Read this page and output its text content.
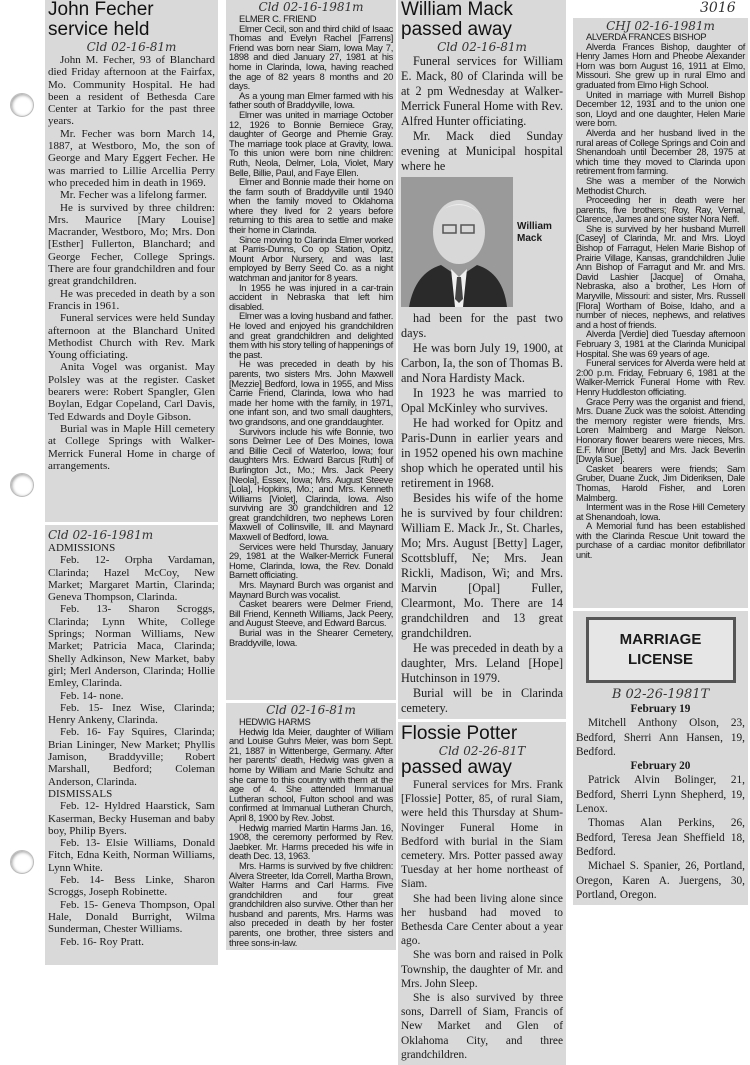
3016
John Fecher
service held
Cld 02-16-81m

John M. Fecher, 93 of Blanchard died Friday afternoon at the Fairfax, Mo. Community Hospital. He had been a resident of Bethesda Care Center at Tarkio for the past three years.

Mr. Fecher was born March 14, 1887, at Westboro, Mo, the son of George and Mary Eggert Fecher. He was married to Lillie Arcellia Perry who preceded him in death in 1969.

Mr. Fecher was a lifelong farmer.

He is survived by three children: Mrs. Maurice [Mary Louise] Macrander, Westboro, Mo; Mrs. Don [Esther] Fullerton, Blanchard; and George Fecher, College Springs. There are four grandchildren and four great grandchildren.

He was preceded in death by a son Francis in 1961.

Funeral services were held Sunday afternoon at the Blanchard United Methodist Church with Rev. Mark Young officiating.

Anita Vogel was organist. May Polsley was at the register. Casket bearers were: Robert Spangler, Glen Boylan, Edgar Copeland, Carl Davis, Ted Edwards and Doyle Gibson.

Burial was in Maple Hill cemetery at College Springs with Walker-Merrick Funeral Home in charge of arrangements.

Cld 02-16-1981m

ADMISSIONS

Feb. 12- Orpha Vardaman, Clarinda; Hazel McCoy, New Market; Margaret Martin, Clarinda; Geneva Thompson, Clarinda.

Feb. 13- Sharon Scroggs, Clarinda; Lynn White, College Springs; Norman Williams, New Market; Patricia Maca, Clarinda; Shelly Adkinson, New Market, baby girl; Merl Anderson, Clarinda; Hollie Emley, Clarinda.

Feb. 14- none.

Feb. 15- Inez Wise, Clarinda; Henry Ankeny, Clarinda.

Feb. 16- Fay Squires, Clarinda; Brian Lininger, New Market; Phyllis Jamison, Braddyville; Robert Marshall, Bedford; Coleman Anderson, Clarinda.

DISMISSALS

Feb. 12- Hyldred Haarstick, Sam Kaserman, Becky Huseman and baby boy, Philip Byers.

Feb. 13- Elsie Williams, Donald Fitch, Edna Keith, Norman Williams, Lynn White.

Feb. 14- Bess Linke, Sharon Scroggs, Joseph Robinette.

Feb. 15- Geneva Thompson, Opal Hale, Donald Burright, Wilma Sunderman, Chester Williams.

Feb. 16- Roy Pratt.

Cld 02-16-1981m

ELMER C. FRIEND

Elmer Cecil, son and third child of Isaac Thomas and Evelyn Rachel [Farrens] Friend was born near Siam, Iowa May 7, 1898 and died January 27, 1981 at his home in Clarinda, Iowa, having reached the age of 82 years 8 months and 20 days.

As a young man Elmer farmed with his father south of Braddyville, Iowa.

Elmer was united in marriage October 12, 1926 to Bonnie Berniece Gray, daughter of George and Phemie Gray. The marriage took place at Gravity, Iowa. To this union were born nine children: Ruth, Neola, Delmer, Lola, Violet, Mary Belle, Billie, Paul, and Faye Ellen.

Elmer and Bonnie made their home on the farm south of Braddyville until 1940 when the family moved to Oklahoma where they lived for 2 years before returning to this area to settle and make their home in Clarinda.

Since moving to Clarinda Elmer worked at Parris-Dunns, Co op Station, Opitz, Mount Arbor Nursery, and was last employed by Berry Seed Co. as a night watchman and janitor for 8 years.

In 1955 he was injured in a car-train accident in Nebraska that left him disabled.

Elmer was a loving husband and father. He loved and enjoyed his grandchildren and great grandchildren and delighted them with his story telling of happenings of the past.

He was preceded in death by his parents, two sisters Mrs. John Maxwell [Mezzie] Bedford, Iowa in 1955, and Miss Carrie Friend, Clarinda, Iowa who had made her home with the family, in 1971, one infant son, and two small daughters, two grandsons, and one granddaughter.

Survivors include his wife Bonnie, two sons Delmer Lee of Des Moines, Iowa and Billie Cecil of Waterloo, Iowa; four daughters Mrs. Edward Barcus [Ruth] of Burlington Jct., Mo.; Mrs. Jack Peery [Neola], Essex, Iowa; Mrs. August Steeve [Lola], Hopkins, Mo.; and Mrs. Kenneth Williams [Violet], Clarinda, Iowa. Also surviving are 30 grandchildren and 12 great grandchildren, two nephews Loren Maxwell of Collinsville, Ill. and Maynard Maxwell of Bedford, Iowa.

Services were held Thursday, January 29, 1981 at the Walker-Merrick Funeral Home, Clarinda, Iowa, the Rev. Donald Barnett officiating.

Mrs. Maynard Burch was organist and Maynard Burch was vocalist.

Casket bearers were Delmer Friend, Bill Friend, Kenneth Williams, Jack Peery, and August Steeve, and Edward Barcus.

Burial was in the Shearer Cemetery, Braddyville, Iowa.

Cld 02-16-81m

HEDWIG HARMS

Hedwig Ida Meier, daughter of William and Louise Guhrs Meier, was born Sept. 21, 1887 in Wittenberge, Germany. After her parents' death, Hedwig was given a home by William and Marie Schultz and she came to this country with them at the age of 4. She attended Immanual Lutheran school, Fulton school and was confirmed at Immanual Lutheran Church, April 8, 1900 by Rev. Jobst.

Hedwig married Martin Harms Jan. 16, 1908, the ceremony performed by Rev. Jaebker. Mr. Harms preceded his wife in death Dec. 13, 1963.

Mrs. Harms is survived by five children: Alvera Streeter, Ida Correll, Martha Brown, Walter Harms and Carl Harms. Five grandchildren and four great grandchildren also survive. Other than her husband and parents, Mrs. Harms was also preceded in death by her foster parents, one brother, three sisters and three sons-in-law.

William Mack
passed away
Cld 02-16-81m

Funeral services for William E. Mack, 80 of Clarinda will be at 2 pm Wednesday at Walker-Merrick Funeral Home with Rev. Alfred Hunter officiating.

Mr. Mack died Sunday evening at Municipal hospital where he

William Mack

had been for the past two days.

He was born July 19, 1900, at Carbon, Ia, the son of Thomas B. and Nora Hardisty Mack.

In 1923 he was married to Opal McKinley who survives.

He had worked for Opitz and Paris-Dunn in earlier years and in 1952 opened his own machine shop which he operated until his retirement in 1968.

Besides his wife of the home he is survived by four children: William E. Mack Jr., St. Charles, Mo; Mrs. August [Betty] Lager, Scottsbluff, Ne; Mrs. Jean Rickli, Madison, Wi; and Mrs. Marvin [Opal] Fuller, Clearmont, Mo. There are 14 grandchildren and 13 great grandchildren.

He was preceded in death by a daughter, Mrs. Leland [Hope] Hutchinson in 1979.

Burial will be in Clarinda cemetery.

Flossie Potter
Cld 02-26-81T
passed away

Funeral services for Mrs. Frank [Flossie] Potter, 85, of rural Siam, were held this Thursday at Shum-Novinger Funeral Home in Bedford with burial in the Siam cemetery. Mrs. Potter passed away Tuesday at her home northeast of Siam.

She had been living alone since her husband had moved to Bethesda Care Center about a year ago.

She was born and raised in Polk Township, the daughter of Mr. and Mrs. John Sleep.

She is also survived by three sons, Darrell of Siam, Francis of New Market and Glen of Oklahoma City, and three grandchildren.

CHJ 02-16-1981m

ALVERDA FRANCES BISHOP

Alverda Frances Bishop, daughter of Henry James Horn and Pheobe Alexander Horn was born August 16, 1911 at Elmo, Missouri. She grew up in rural Elmo and graduated from Elmo High School.

United in marriage with Murrell Bishop December 12, 1931 and to the union one son, Lloyd and one daughter, Helen Marie were born.

Alverda and her husband lived in the rural areas of College Springs and Coin and Shenandoah until December 28, 1975 at which time they moved to Clarinda upon retirement from farming.

She was a member of the Norwich Methodist Church.

Proceeding her in death were her parents, five brothers; Roy, Ray, Vernal, Clarence, James and one sister Nora Neff.

She is survived by her husband Murrell [Casey] of Clarinda, Mr. and Mrs. Lloyd Bishop of Farragut, Helen Marie Bishop of Prairie Village, Kansas, grandchildren Julie Ann Bishop of Farragut and Mr. and Mrs. David Lashier [Jacque] of Omaha, Nebraska, also a brother, Les Horn of Maryville, Missouri: and sister, Mrs. Russell [Flora] Wortham of Boise, Idaho, and a number of nieces, nephews, and relatives and a host of friends.

Alverda [Verdie] died Tuesday afternoon February 3, 1981 at the Clarinda Municipal Hospital. She was 69 years of age.

Funeral services for Alverda were held at 2:00 p.m. Friday, February 6, 1981 at the Walker-Merrick Funeral Home with Rev. Henry Huddleston officiating.

Grace Perry was the organist and friend, Mrs. Duane Zuck was the soloist. Attending the memory register were friends, Mrs. Loren Malmberg and Marge Nelson. Honorary flower bearers were nieces, Mrs. E.F. Minor [Betty] and Mrs. Jack Beverlin [Dwyla Sue].

Casket bearers were friends; Sam Gruber, Duane Zuck, Jim Dideriksen, Dale Thomas, Harold Fisher, and Loren Malmberg.

Interment was in the Rose Hill Cemetery at Shenandoah, Iowa.

A Memorial fund has been established with the Clarinda Rescue Unit toward the purchase of a cardiac monitor defibrillator unit.

MARRIAGE
LICENSE
B 02-26-1981T

February 19

Mitchell Anthony Olson, 23, Bedford, Sherri Ann Hansen, 19, Bedford.

February 20

Patrick Alvin Bolinger, 21, Bedford, Sherri Lynn Shepherd, 19, Lenox.

Thomas Alan Perkins, 26, Bedford, Teresa Jean Sheffield 18, Bedford.

Michael S. Spanier, 26, Portland, Oregon, Karen A. Juergens, 30, Portland, Oregon.
